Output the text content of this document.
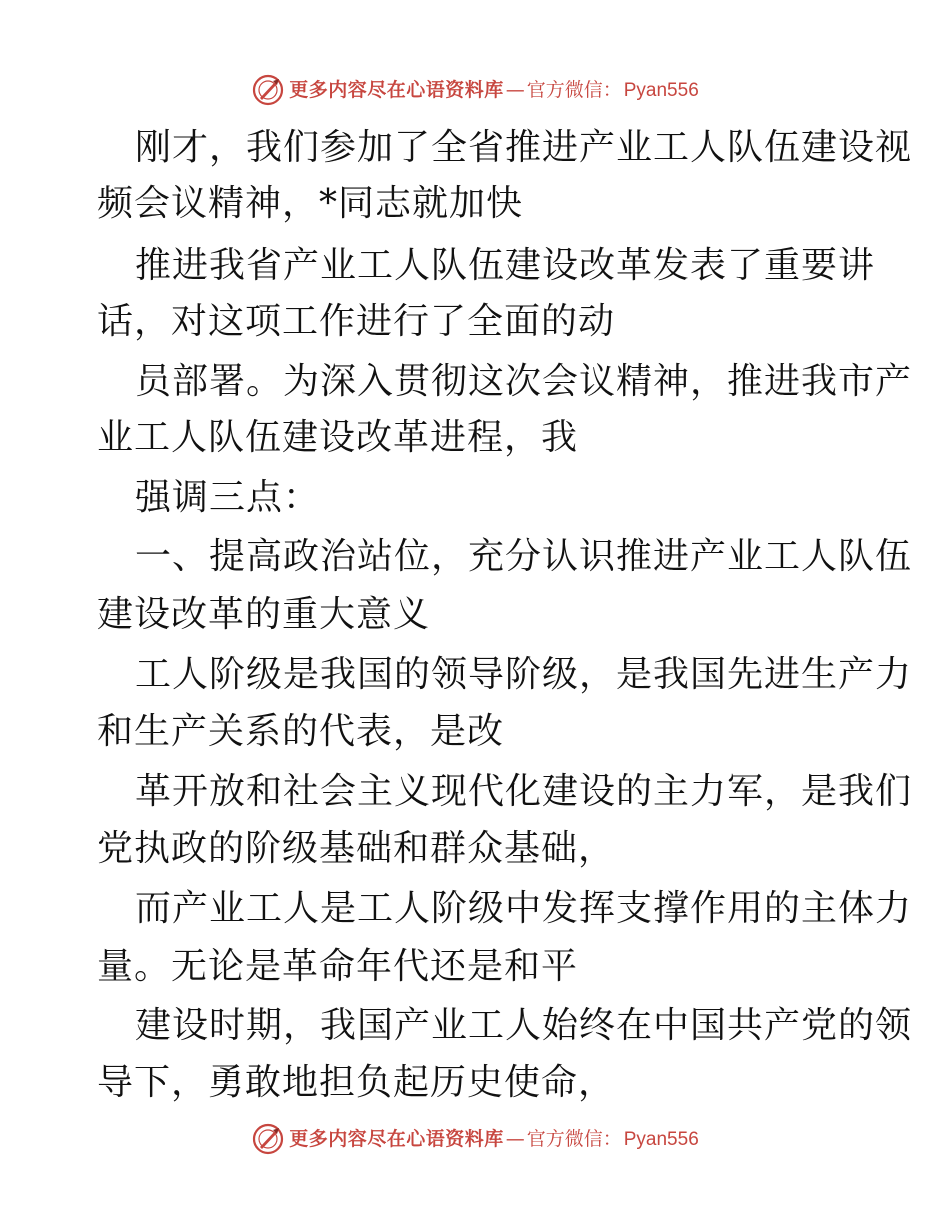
更多内容尽在心语资料库 — 官方微信： Pyan556
刚才，我们参加了全省推进产业工人队伍建设视
频会议精神，*同志就加快
推进我省产业工人队伍建设改革发表了重要讲
话，对这项工作进行了全面的动
员部署。为深入贯彻这次会议精神，推进我市产
业工人队伍建设改革进程，我
强调三点：
一、提高政治站位，充分认识推进产业工人队伍
建设改革的重大意义
工人阶级是我国的领导阶级，是我国先进生产力
和生产关系的代表，是改
革开放和社会主义现代化建设的主力军，是我们
党执政的阶级基础和群众基础，
而产业工人是工人阶级中发挥支撑作用的主体力
量。无论是革命年代还是和平
建设时期，我国产业工人始终在中国共产党的领
导下，勇敢地担负起历史使命，
更多内容尽在心语资料库 — 官方微信： Pyan556
